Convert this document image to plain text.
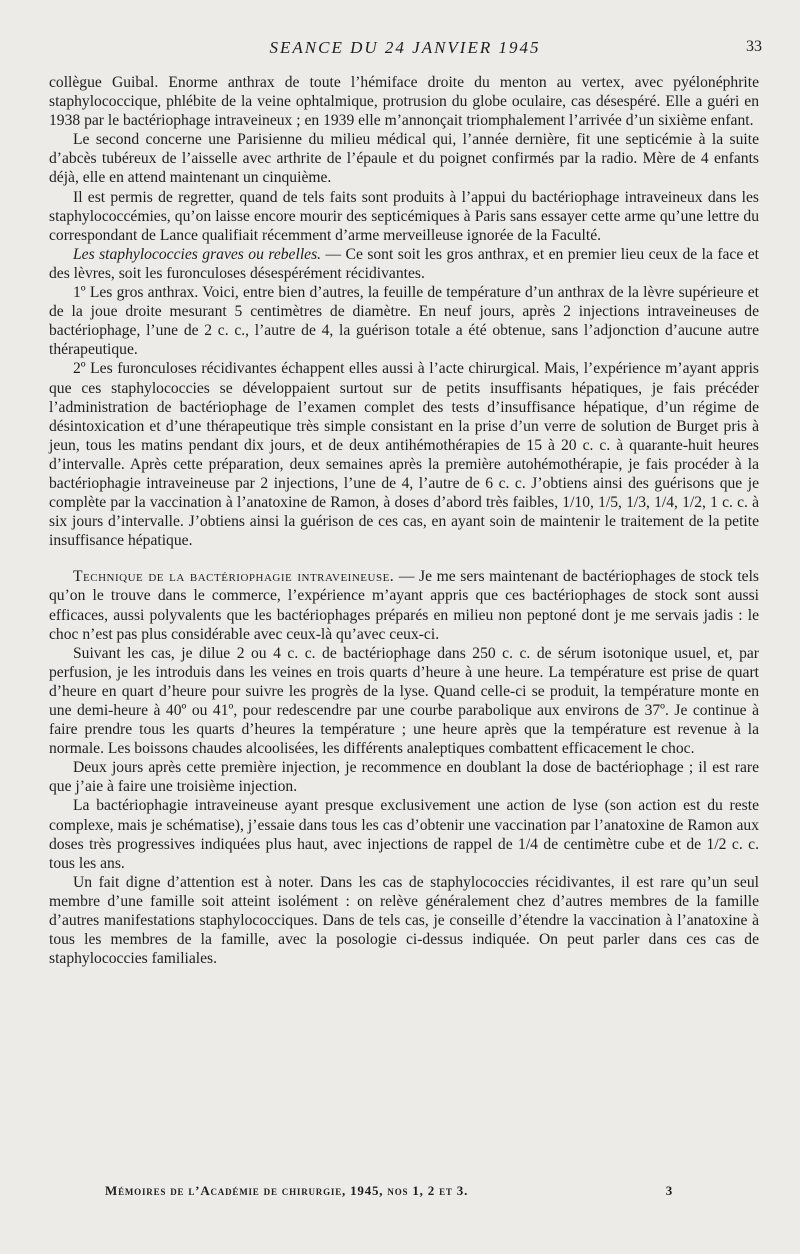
SEANCE DU 24 JANVIER 1945	33

collègue Guibal. Enorme anthrax de toute l’hémiface droite du menton au vertex, avec pyélonéphrite staphylococcique, phlébite de la veine ophtalmique, protrusion du globe oculaire, cas désespéré. Elle a guéri en 1938 par le bactériophage intraveineux ; en 1939 elle m’annonçait triomphalement l’arrivée d’un sixième enfant.

Le second concerne une Parisienne du milieu médical qui, l’année dernière, fit une septicémie à la suite d’abcès tubéreux de l’aisselle avec arthrite de l’épaule et du poignet confirmés par la radio. Mère de 4 enfants déjà, elle en attend maintenant un cinquième.

Il est permis de regretter, quand de tels faits sont produits à l’appui du bactériophage intraveineux dans les staphylococcémies, qu’on laisse encore mourir des septicémiques à Paris sans essayer cette arme qu’une lettre du correspondant de Lance qualifiait récemment d’arme merveilleuse ignorée de la Faculté.

Les staphylococcies graves ou rebelles. — Ce sont soit les gros anthrax, et en premier lieu ceux de la face et des lèvres, soit les furonculoses désespérément récidivantes.

1º Les gros anthrax. Voici, entre bien d’autres, la feuille de température d’un anthrax de la lèvre supérieure et de la joue droite mesurant 5 centimètres de diamètre. En neuf jours, après 2 injections intraveineuses de bactériophage, l’une de 2 c. c., l’autre de 4, la guérison totale a été obtenue, sans l’adjonction d’aucune autre thérapeutique.

2º Les furonculoses récidivantes échappent elles aussi à l’acte chirurgical. Mais, l’expérience m’ayant appris que ces staphylococcies se développaient surtout sur de petits insuffisants hépatiques, je fais précéder l’administration de bactériophage de l’examen complet des tests d’insuffisance hépatique, d’un régime de désintoxication et d’une thérapeutique très simple consistant en la prise d’un verre de solution de Burget pris à jeun, tous les matins pendant dix jours, et de deux antihémothérapies de 15 à 20 c. c. à quarante-huit heures d’intervalle. Après cette préparation, deux semaines après la première autohémothérapie, je fais procéder à la bactériophagie intraveineuse par 2 injections, l’une de 4, l’autre de 6 c. c. J’obtiens ainsi des guérisons que je complète par la vaccination à l’anatoxine de Ramon, à doses d’abord très faibles, 1/10, 1/5, 1/3, 1/4, 1/2, 1 c. c. à six jours d’intervalle. J’obtiens ainsi la guérison de ces cas, en ayant soin de maintenir le traitement de la petite insuffisance hépatique.

Technique de la bactériophagie intraveineuse. — Je me sers maintenant de bactériophages de stock tels qu’on le trouve dans le commerce, l’expérience m’ayant appris que ces bactériophages de stock sont aussi efficaces, aussi polyvalents que les bactériophages préparés en milieu non peptoné dont je me servais jadis : le choc n’est pas plus considérable avec ceux-là qu’avec ceux-ci.

Suivant les cas, je dilue 2 ou 4 c. c. de bactériophage dans 250 c. c. de sérum isotonique usuel, et, par perfusion, je les introduis dans les veines en trois quarts d’heure à une heure. La température est prise de quart d’heure en quart d’heure pour suivre les progrès de la lyse. Quand celle-ci se produit, la température monte en une demi-heure à 40º ou 41º, pour redescendre par une courbe parabolique aux environs de 37º. Je continue à faire prendre tous les quarts d’heures la température ; une heure après que la température est revenue à la normale. Les boissons chaudes alcoolisées, les différents analeptiques combattent efficacement le choc.

Deux jours après cette première injection, je recommence en doublant la dose de bactériophage ; il est rare que j’aie à faire une troisième injection.

La bactériophagie intraveineuse ayant presque exclusivement une action de lyse (son action est du reste complexe, mais je schématise), j’essaie dans tous les cas d’obtenir une vaccination par l’anatoxine de Ramon aux doses très progressives indiquées plus haut, avec injections de rappel de 1/4 de centimètre cube et de 1/2 c. c. tous les ans.

Un fait digne d’attention est à noter. Dans les cas de staphylococcies récidivantes, il est rare qu’un seul membre d’une famille soit atteint isolément : on relève généralement chez d’autres membres de la famille d’autres manifestations staphylococciques. Dans de tels cas, je conseille d’étendre la vaccination à l’anatoxine à tous les membres de la famille, avec la posologie ci-dessus indiquée. On peut parler dans ces cas de staphylococcies familiales.

Mémoires de l’Académie de chirurgie, 1945, nos 1, 2 et 3.	3
